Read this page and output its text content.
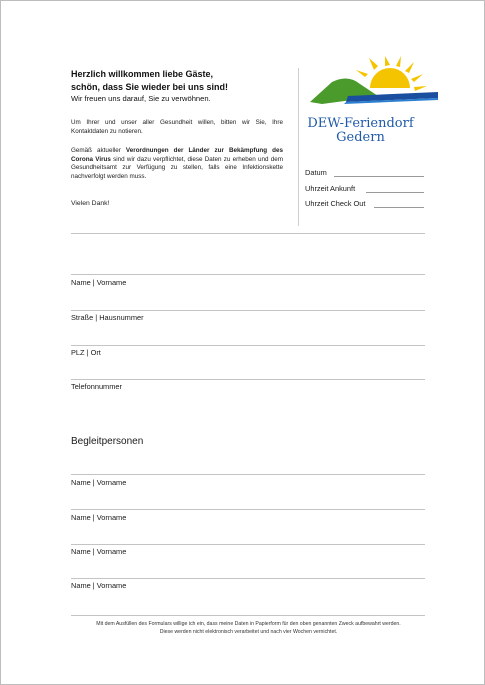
Herzlich willkommen liebe Gäste,
schön, dass Sie wieder bei uns sind!
Wir freuen uns darauf, Sie zu verwöhnen.
Um Ihrer und unser aller Gesundheit willen, bitten wir Sie, Ihre Kontaktdaten zu notieren.
Gemäß aktueller Verordnungen der Länder zur Bekämpfung des Corona Virus sind wir dazu verpflichtet, diese Daten zu erheben und dem Gesundheitsamt zur Verfügung zu stellen, falls eine Infektionskette nachverfolgt werden muss.
Vielen Dank!
DEW-Feriendorf
Gedern
Datum
Uhrzeit Ankunft
Uhrzeit Check Out
Name | Vorname
Straße | Hausnummer
PLZ | Ort
Telefonnummer
Begleitpersonen
Name | Vorname
Name | Vorname
Name | Vorname
Name | Vorname
Mit dem Ausfüllen des Formulars willige ich ein, dass meine Daten in Papierform für den oben genannten Zweck aufbewahrt werden.
Diese werden nicht elektronisch verarbeitet und nach vier Wochen vernichtet.
